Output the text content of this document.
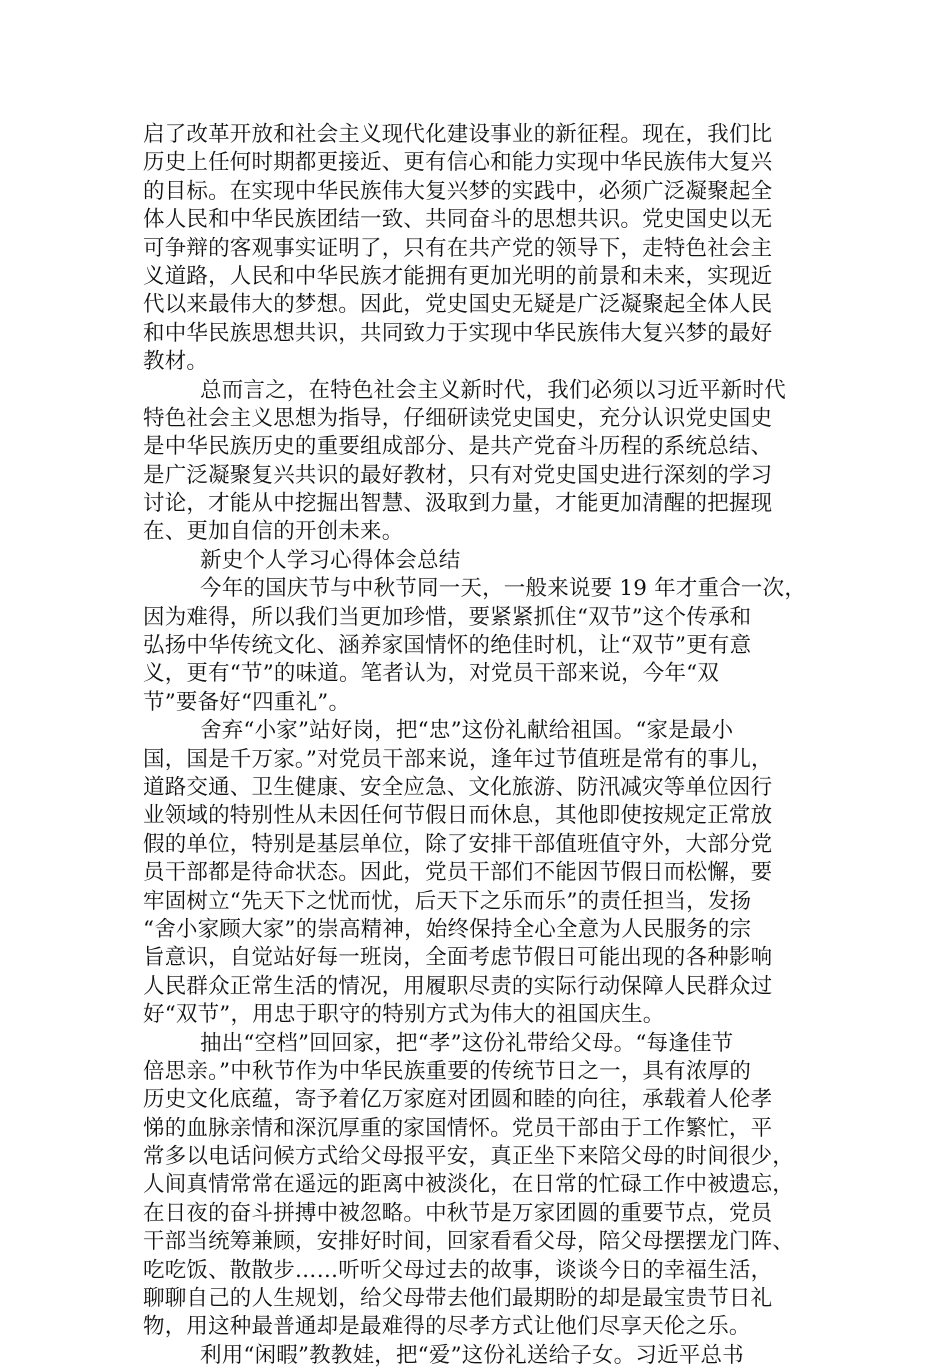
启了改革开放和社会主义现代化建设事业的新征程。现在，我们比
历史上任何时期都更接近、更有信心和能力实现中华民族伟大复兴
的目标。在实现中华民族伟大复兴梦的实践中，必须广泛凝聚起全
体人民和中华民族团结一致、共同奋斗的思想共识。党史国史以无
可争辩的客观事实证明了，只有在共产党的领导下，走特色社会主
义道路，人民和中华民族才能拥有更加光明的前景和未来，实现近
代以来最伟大的梦想。因此，党史国史无疑是广泛凝聚起全体人民
和中华民族思想共识，共同致力于实现中华民族伟大复兴梦的最好
教材。
总而言之，在特色社会主义新时代，我们必须以习近平新时代
特色社会主义思想为指导，仔细研读党史国史，充分认识党史国史
是中华民族历史的重要组成部分、是共产党奋斗历程的系统总结、
是广泛凝聚复兴共识的最好教材，只有对党史国史进行深刻的学习
讨论，才能从中挖掘出智慧、汲取到力量，才能更加清醒的把握现
在、更加自信的开创未来。
新史个人学习心得体会总结
今年的国庆节与中秋节同一天，一般来说要 19 年才重合一次，
因为难得，所以我们当更加珍惜，要紧紧抓住“双节”这个传承和
弘扬中华传统文化、涵养家国情怀的绝佳时机，让“双节”更有意
义，更有“节”的味道。笔者认为，对党员干部来说，今年“双
节”要备好“四重礼”。
舍弃“小家”站好岗，把“忠”这份礼献给祖国。“家是最小
国，国是千万家。”对党员干部来说，逢年过节值班是常有的事儿，
道路交通、卫生健康、安全应急、文化旅游、防汛减灾等单位因行
业领域的特别性从未因任何节假日而休息，其他即使按规定正常放
假的单位，特别是基层单位，除了安排干部值班值守外，大部分党
员干部都是待命状态。因此，党员干部们不能因节假日而松懈，要
牢固树立“先天下之忧而忧，后天下之乐而乐”的责任担当，发扬
“舍小家顾大家”的崇高精神，始终保持全心全意为人民服务的宗
旨意识，自觉站好每一班岗，全面考虑节假日可能出现的各种影响
人民群众正常生活的情况，用履职尽责的实际行动保障人民群众过
好“双节”，用忠于职守的特别方式为伟大的祖国庆生。
抽出“空档”回回家，把“孝”这份礼带给父母。“每逢佳节
倍思亲。”中秋节作为中华民族重要的传统节日之一，具有浓厚的
历史文化底蕴，寄予着亿万家庭对团圆和睦的向往，承载着人伦孝
悌的血脉亲情和深沉厚重的家国情怀。党员干部由于工作繁忙，平
常多以电话问候方式给父母报平安，真正坐下来陪父母的时间很少，
人间真情常常在遥远的距离中被淡化，在日常的忙碌工作中被遗忘，
在日夜的奋斗拼搏中被忽略。中秋节是万家团圆的重要节点，党员
干部当统筹兼顾，安排好时间，回家看看父母，陪父母摆摆龙门阵、
吃吃饭、散散步……听听父母过去的故事，谈谈今日的幸福生活，
聊聊自己的人生规划，给父母带去他们最期盼的却是最宝贵节日礼
物，用这种最普通却是最难得的尽孝方式让他们尽享天伦之乐。
利用“闲暇”教教娃，把“爱”这份礼送给子女。习近平总书
